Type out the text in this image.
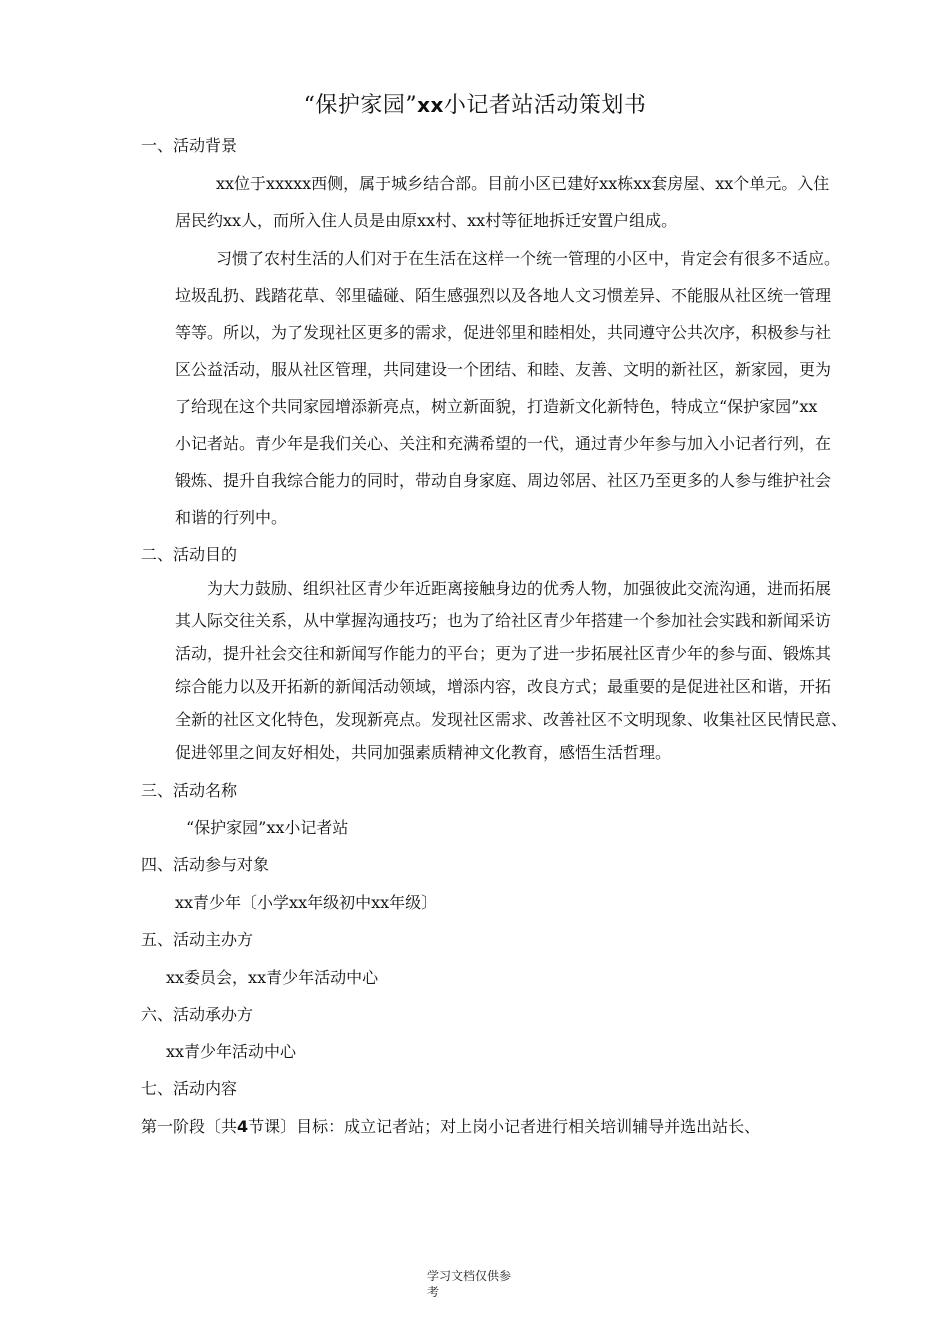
“保护家园”xx小记者站活动策划书
一、活动背景
xx位于xxxxx西侧，属于城乡结合部。目前小区已建好xx栋xx套房屋、xx个单元。入住
居民约xx人，而所入住人员是由原xx村、xx村等征地拆迁安置户组成。
习惯了农村生活的人们对于在生活在这样一个统一管理的小区中，肯定会有很多不适应。
垃圾乱扔、践踏花草、邻里磕碰、陌生感强烈以及各地人文习惯差异、不能服从社区统一管理
等等。所以，为了发现社区更多的需求，促进邻里和睦相处，共同遵守公共次序，积极参与社
区公益活动，服从社区管理，共同建设一个团结、和睦、友善、文明的新社区，新家园，更为
了给现在这个共同家园增添新亮点，树立新面貌，打造新文化新特色，特成立“保护家园”xx
小记者站。青少年是我们关心、关注和充满希望的一代，通过青少年参与加入小记者行列，在
锻炼、提升自我综合能力的同时，带动自身家庭、周边邻居、社区乃至更多的人参与维护社会
和谐的行列中。
二、活动目的
为大力鼓励、组织社区青少年近距离接触身边的优秀人物，加强彼此交流沟通，进而拓展
其人际交往关系，从中掌握沟通技巧；也为了给社区青少年搭建一个参加社会实践和新闻采访
活动，提升社会交往和新闻写作能力的平台；更为了进一步拓展社区青少年的参与面、锻炼其
综合能力以及开拓新的新闻活动领域，增添内容，改良方式；最重要的是促进社区和谐，开拓
全新的社区文化特色，发现新亮点。发现社区需求、改善社区不文明现象、收集社区民情民意、
促进邻里之间友好相处，共同加强素质精神文化教育，感悟生活哲理。
三、活动名称
“保护家园”xx小记者站
四、活动参与对象
xx青少年〔小学xx年级初中xx年级〕
五、活动主办方
xx委员会，xx青少年活动中心
六、活动承办方
xx青少年活动中心
七、活动内容
第一阶段〔共4节课〕目标：成立记者站；对上岗小记者进行相关培训辅导并选出站长、
学习文档仅供参
考
